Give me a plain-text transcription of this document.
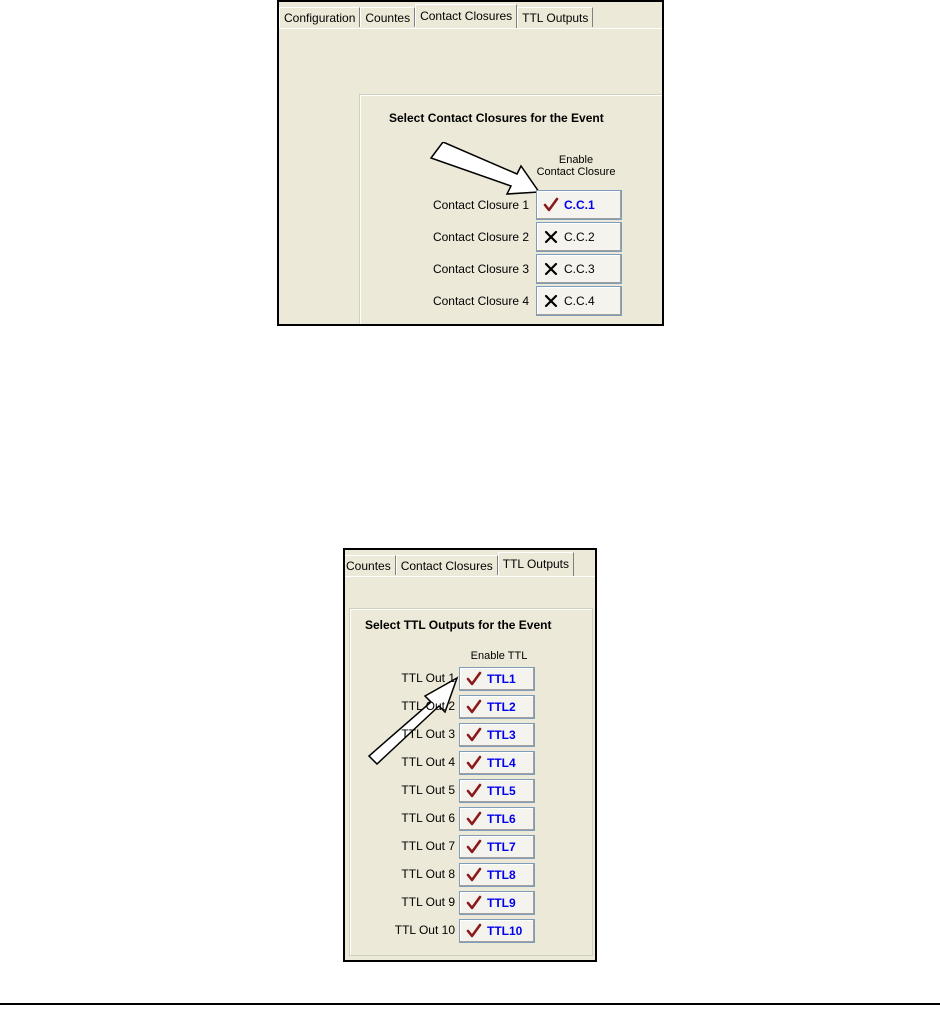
Configuration Countes Contact Closures TTL Outputs
Select Contact Closures for the Event
Enable
Contact Closure
Contact Closure 1	C.C.1
Contact Closure 2	C.C.2
Contact Closure 3	C.C.3
Contact Closure 4	C.C.4
Countes Contact Closures TTL Outputs
Select TTL Outputs for the Event
Enable TTL
TTL Out 1	TTL1
TTL Out 2	TTL2
TTL Out 3	TTL3
TTL Out 4	TTL4
TTL Out 5	TTL5
TTL Out 6	TTL6
TTL Out 7	TTL7
TTL Out 8	TTL8
TTL Out 9	TTL9
TTL Out 10	TTL10
